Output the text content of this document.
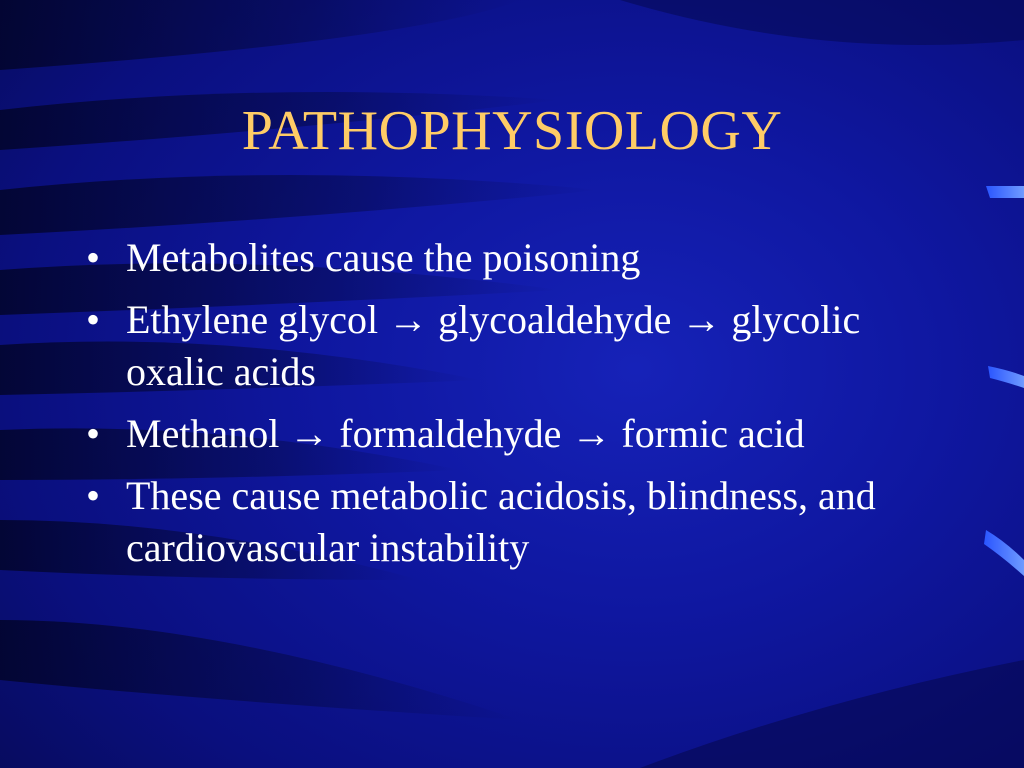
PATHOPHYSIOLOGY
• Metabolites cause the poisoning
• Ethylene glycol → glycoaldehyde → glycolic oxalic acids
• Methanol → formaldehyde → formic acid
• These cause metabolic acidosis, blindness, and cardiovascular instability
